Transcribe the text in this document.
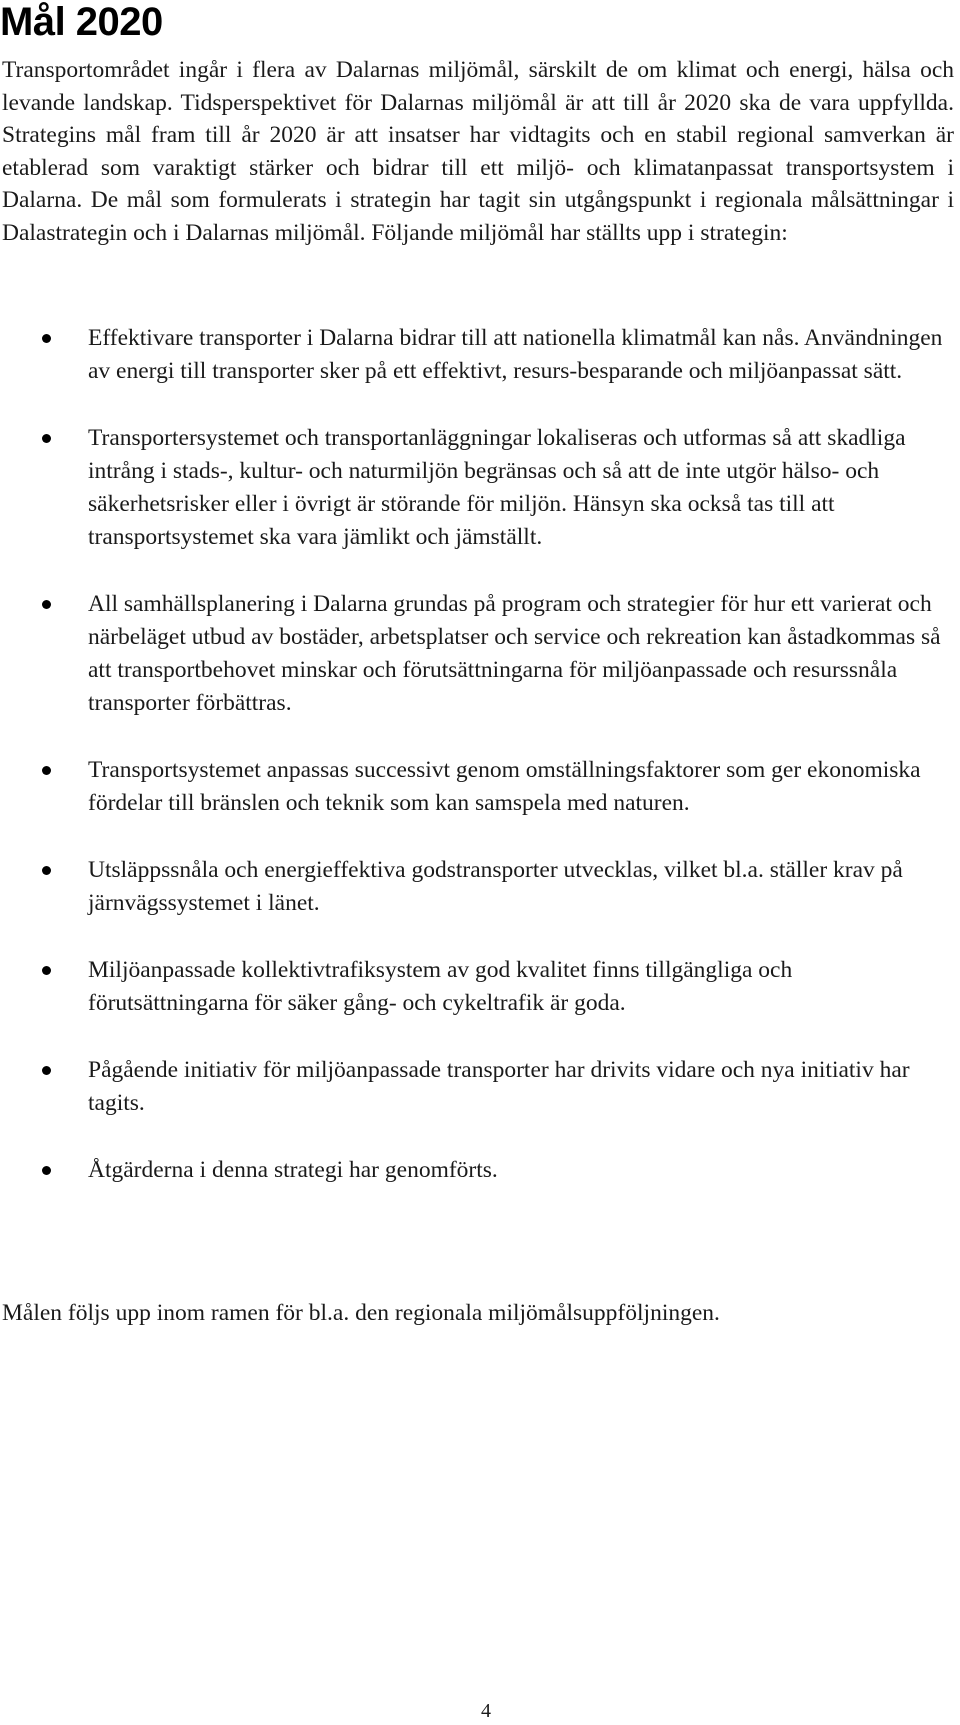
Mål 2020

Transportområdet ingår i flera av Dalarnas miljömål, särskilt de om klimat och energi, hälsa och levande landskap. Tidsperspektivet för Dalarnas miljömål är att till år 2020 ska de vara uppfyllda. Strategins mål fram till år 2020 är att insatser har vidtagits och en stabil regional samverkan är etablerad som varaktigt stärker och bidrar till ett miljö- och klimatanpassat transportsystem i Dalarna. De mål som formulerats i strategin har tagit sin utgångspunkt i regionala målsättningar i Dalastrategin och i Dalarnas miljömål. Följande miljömål har ställts upp i strategin:

Effektivare transporter i Dalarna bidrar till att nationella klimatmål kan nås. Användningen av energi till transporter sker på ett effektivt, resurs-besparande och miljöanpassat sätt.
Transportersystemet och transportanläggningar lokaliseras och utformas så att skadliga intrång i stads-, kultur- och naturmiljön begränsas och så att de inte utgör hälso- och säkerhetsrisker eller i övrigt är störande för miljön. Hänsyn ska också tas till att transportsystemet ska vara jämlikt och jämställt.
All samhällsplanering i Dalarna grundas på program och strategier för hur ett varierat och närbeläget utbud av bostäder, arbetsplatser och service och rekreation kan åstadkommas så att transportbehovet minskar och förutsättningarna för miljöanpassade och resurssnåla transporter förbättras.
Transportsystemet anpassas successivt genom omställningsfaktorer som ger ekonomiska fördelar till bränslen och teknik som kan samspela med naturen.
Utsläppssnåla och energieffektiva godstransporter utvecklas, vilket bl.a. ställer krav på järnvägssystemet i länet.
Miljöanpassade kollektivtrafiksystem av god kvalitet finns tillgängliga och förutsättningarna för säker gång- och cykeltrafik är goda.
Pågående initiativ för miljöanpassade transporter har drivits vidare och nya initiativ har tagits.
Åtgärderna i denna strategi har genomförts.

Målen följs upp inom ramen för bl.a. den regionala miljömålsuppföljningen.

4
